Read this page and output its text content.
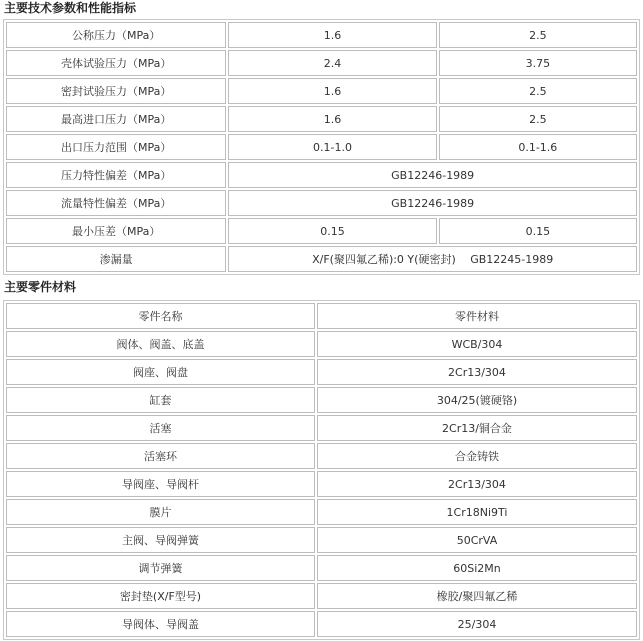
主要技术参数和性能指标
公称压力（MPa）	1.6	2.5
壳体试验压力（MPa）	2.4	3.75
密封试验压力（MPa）	1.6	2.5
最高进口压力（MPa）	1.6	2.5
出口压力范围（MPa）	0.1-1.0	0.1-1.6
压力特性偏差（MPa）	GB12246-1989	
流量特性偏差（MPa）	GB12246-1989	
最小压差（MPa）	0.15	0.15
渗漏量	X/F(聚四氟乙稀):0 Y(硬密封)　 GB12245-1989	
主要零件材料
零件名称	零件材料
阀体、阀盖、底盖	WCB/304
阀座、阀盘	2Cr13/304
缸套	304/25(镀硬铬)
活塞	2Cr13/铜合金
活塞环	合金铸铁
导阀座、导阀杆	2Cr13/304
膜片	1Cr18Ni9Ti
主阀、导阀弹簧	50CrVA
调节弹簧	60Si2Mn
密封垫(X/F型号)	橡胶/聚四氟乙稀
导阀体、导阀盖	25/304
